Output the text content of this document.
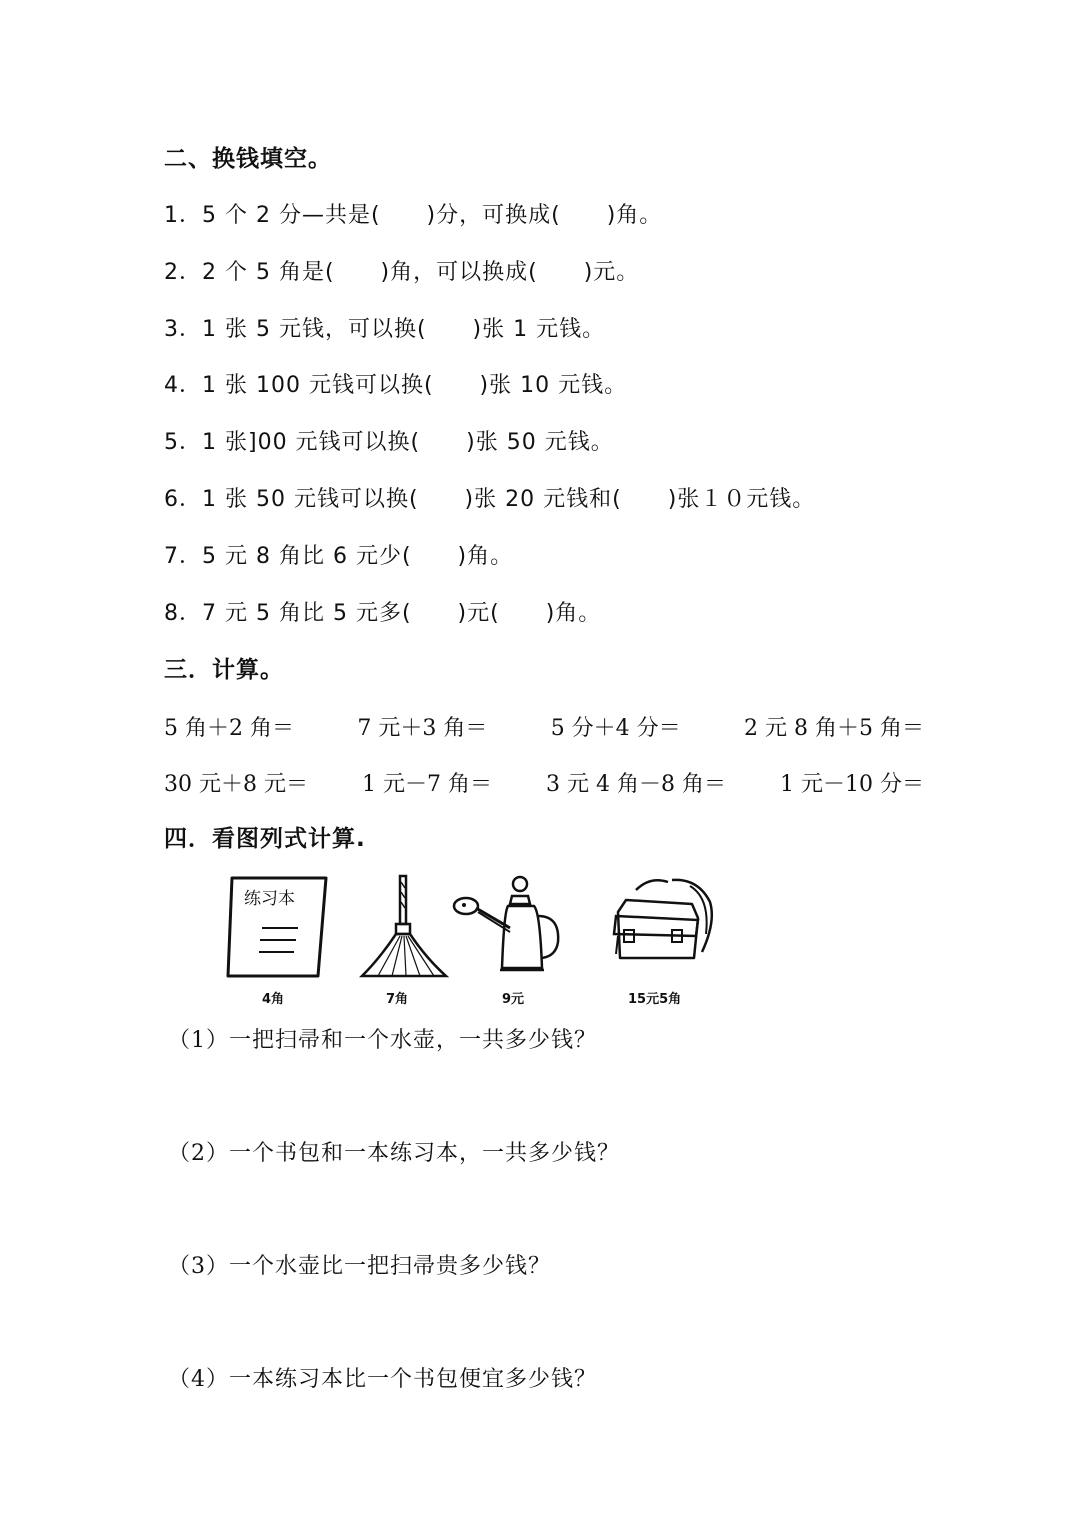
二、换钱填空。
1．5 个 2 分—共是(　　)分，可换成(　　)角。
2．2 个 5 角是(　　)角，可以换成(　　)元。
3．1 张 5 元钱，可以换(　　)张 1 元钱。
4．1 张 100 元钱可以换(　　)张 10 元钱。
5．1 张]00 元钱可以换(　　)张 50 元钱。
6．1 张 50 元钱可以换(　　)张 20 元钱和(　　)张１０元钱。
7．5 元 8 角比 6 元少(　　)角。
8．7 元 5 角比 5 元多(　　)元(　　)角。
三．计算。
5 角＋2 角＝	7 元＋3 角＝	5 分＋4 分＝	2 元 8 角＋5 角＝
30 元＋8 元＝ 1 元－7 角＝ 3 元 4 角－8 角＝ 1 元－10 分＝
四．看图列式计算.
练习本
4角	7角	9元	15元5角
（1）一把扫帚和一个水壶，一共多少钱？
（2）一个书包和一本练习本，一共多少钱？
（3）一个水壶比一把扫帚贵多少钱？
（4）一本练习本比一个书包便宜多少钱？
